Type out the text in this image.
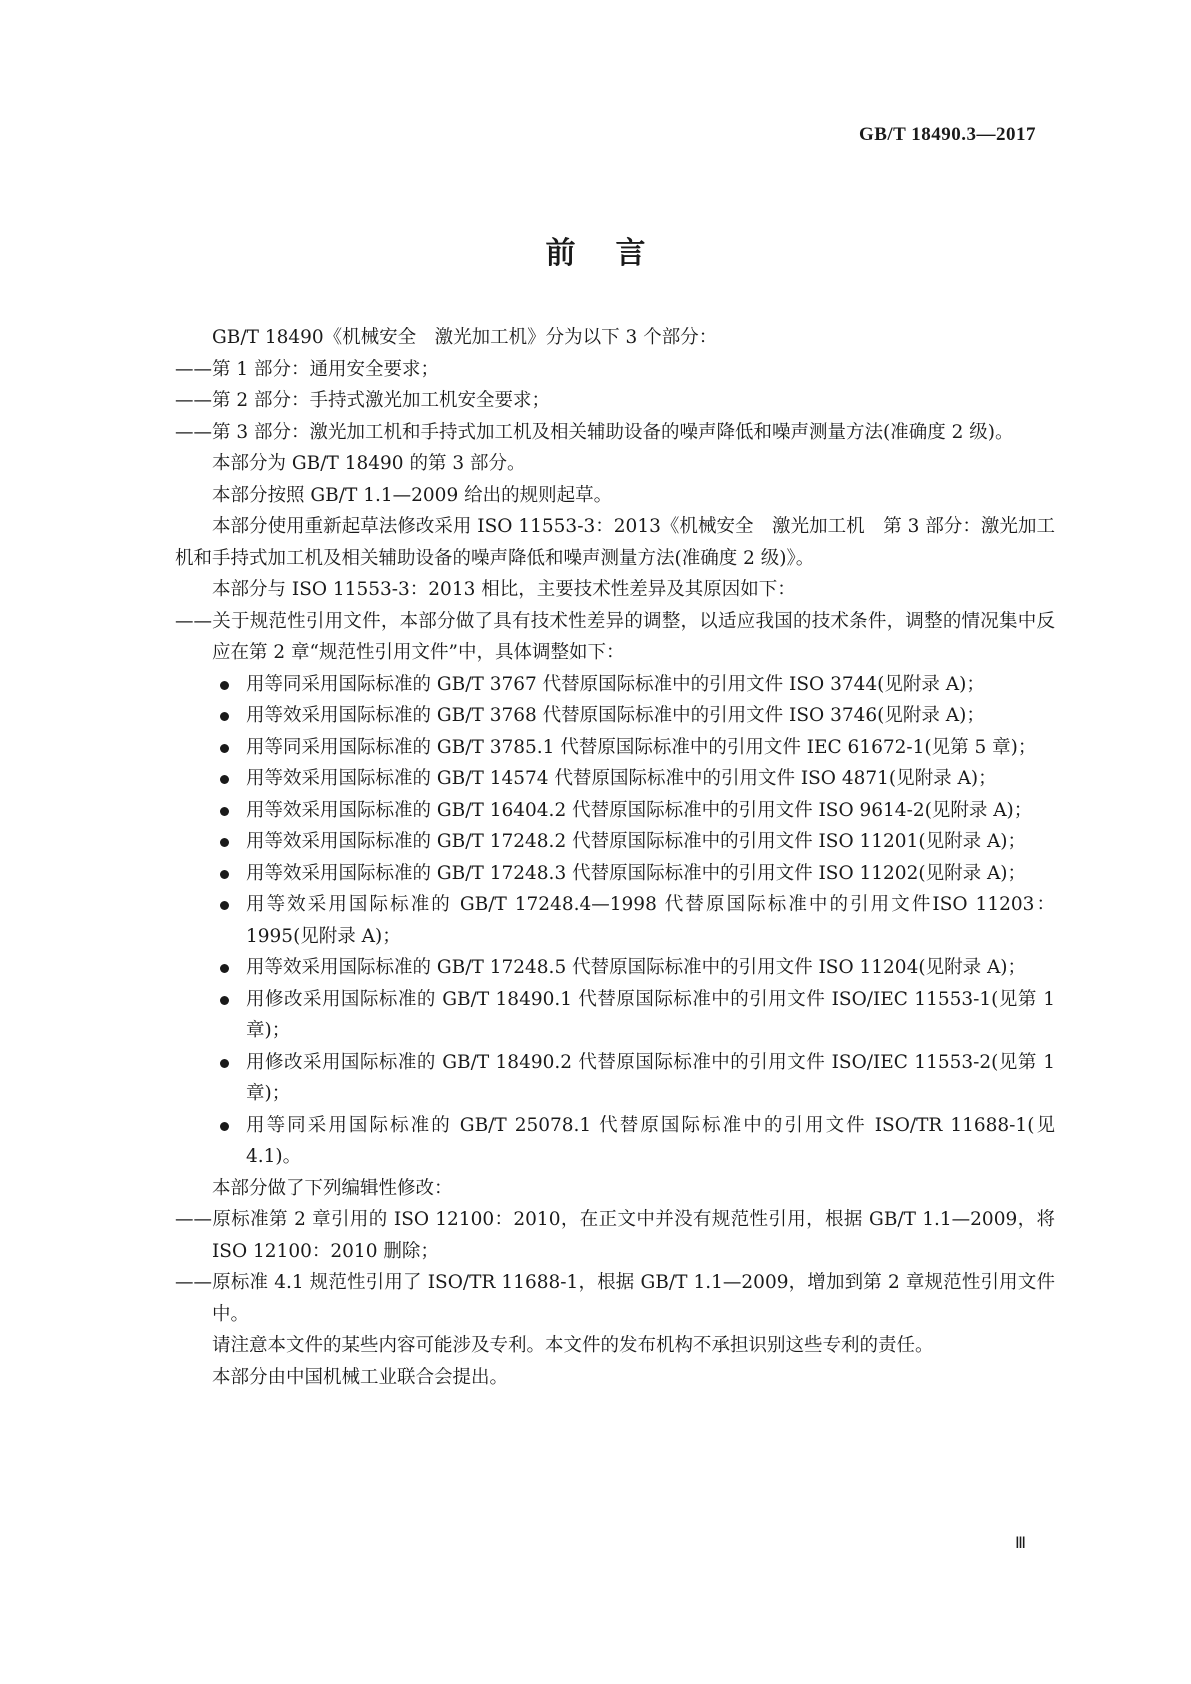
GB/T 18490.3—2017
前言

GB/T 18490《机械安全　激光加工机》分为以下 3 个部分：

——第 1 部分：通用安全要求；

——第 2 部分：手持式激光加工机安全要求；

——第 3 部分：激光加工机和手持式加工机及相关辅助设备的噪声降低和噪声测量方法(准确度 2 级)。

本部分为 GB/T 18490 的第 3 部分。

本部分按照 GB/T 1.1—2009 给出的规则起草。

本部分使用重新起草法修改采用 ISO 11553-3：2013《机械安全　激光加工机　第 3 部分：激光加工机和手持式加工机及相关辅助设备的噪声降低和噪声测量方法(准确度 2 级)》。

本部分与 ISO 11553-3：2013 相比，主要技术性差异及其原因如下：

——关于规范性引用文件，本部分做了具有技术性差异的调整，以适应我国的技术条件，调整的情况集中反应在第 2 章“规范性引用文件”中，具体调整如下：

用等同采用国际标准的 GB/T 3767 代替原国际标准中的引用文件 ISO 3744(见附录 A)；
用等效采用国际标准的 GB/T 3768 代替原国际标准中的引用文件 ISO 3746(见附录 A)；
用等同采用国际标准的 GB/T 3785.1 代替原国际标准中的引用文件 IEC 61672-1(见第 5 章)；
用等效采用国际标准的 GB/T 14574 代替原国际标准中的引用文件 ISO 4871(见附录 A)；
用等效采用国际标准的 GB/T 16404.2 代替原国际标准中的引用文件 ISO 9614-2(见附录 A)；
用等效采用国际标准的 GB/T 17248.2 代替原国际标准中的引用文件 ISO 11201(见附录 A)；
用等效采用国际标准的 GB/T 17248.3 代替原国际标准中的引用文件 ISO 11202(见附录 A)；
用等效采用国际标准的 GB/T 17248.4—1998 代替原国际标准中的引用文件ISO 11203：1995(见附录 A)；
用等效采用国际标准的 GB/T 17248.5 代替原国际标准中的引用文件 ISO 11204(见附录 A)；
用修改采用国际标准的 GB/T 18490.1 代替原国际标准中的引用文件 ISO/IEC 11553-1(见第 1 章)；
用修改采用国际标准的 GB/T 18490.2 代替原国际标准中的引用文件 ISO/IEC 11553-2(见第 1 章)；
用等同采用国际标准的 GB/T 25078.1 代替原国际标准中的引用文件 ISO/TR 11688-1(见 4.1)。

本部分做了下列编辑性修改：

——原标准第 2 章引用的 ISO 12100：2010，在正文中并没有规范性引用，根据 GB/T 1.1—2009，将 ISO 12100：2010 删除；

——原标准 4.1 规范性引用了 ISO/TR 11688-1，根据 GB/T 1.1—2009，增加到第 2 章规范性引用文件中。

请注意本文件的某些内容可能涉及专利。本文件的发布机构不承担识别这些专利的责任。

本部分由中国机械工业联合会提出。

Ⅲ
